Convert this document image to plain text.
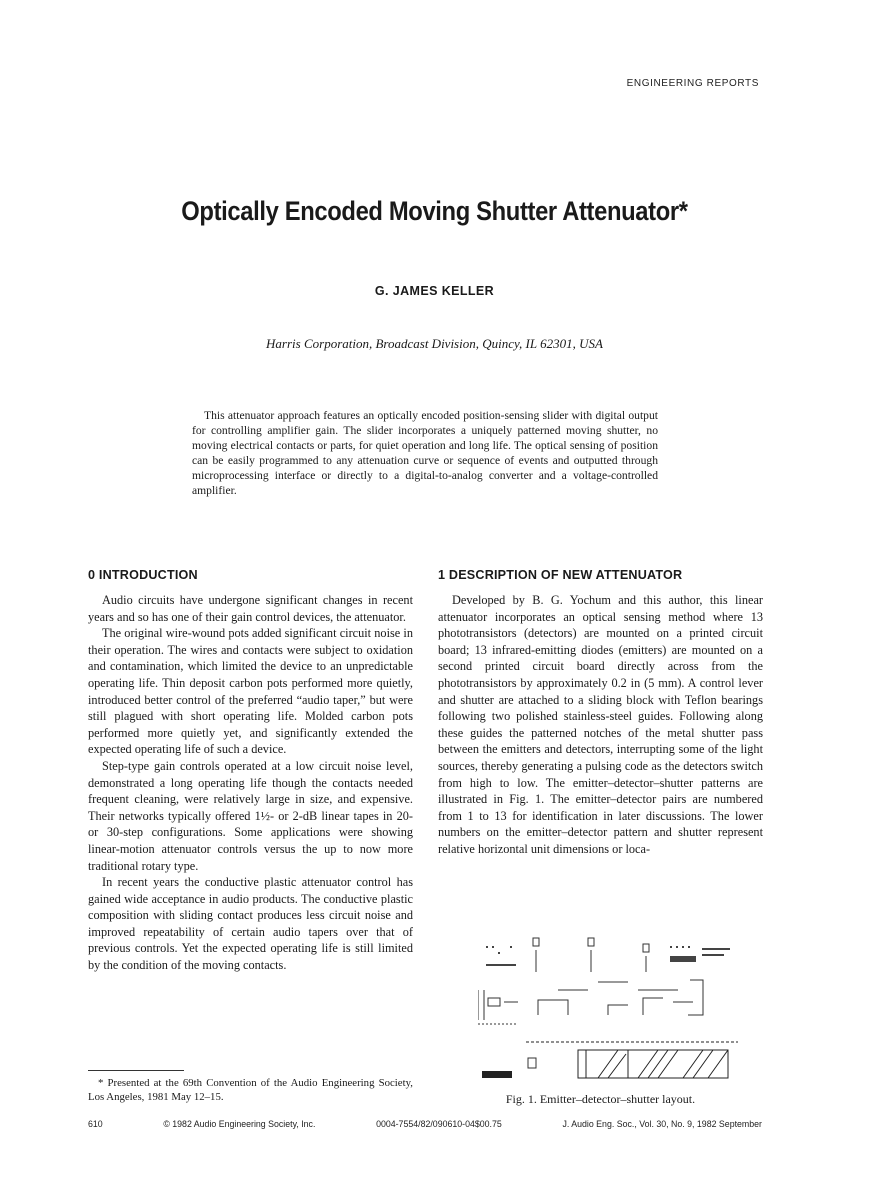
ENGINEERING REPORTS
Optically Encoded Moving Shutter Attenuator*
G. JAMES KELLER
Harris Corporation, Broadcast Division, Quincy, IL 62301, USA

This attenuator approach features an optically encoded position-sensing slider with digital output for controlling amplifier gain. The slider incorporates a uniquely patterned moving shutter, no moving electrical contacts or parts, for quiet operation and long life. The optical sensing of position can be easily programmed to any attenuation curve or sequence of events and outputted through microprocessing interface or directly to a digital-to-analog converter and a voltage-controlled amplifier.

0 INTRODUCTION

Audio circuits have undergone significant changes in recent years and so has one of their gain control devices, the attenuator.

The original wire-wound pots added significant circuit noise in their operation. The wires and contacts were subject to oxidation and contamination, which limited the device to an unpredictable operating life. Thin deposit carbon pots performed more quietly, introduced better control of the preferred “audio taper,” but were still plagued with short operating life. Molded carbon pots performed more quietly yet, and significantly extended the expected operating life of such a device.

Step-type gain controls operated at a low circuit noise level, demonstrated a long operating life though the contacts needed frequent cleaning, were relatively large in size, and expensive. Their networks typically offered 1½- or 2-dB linear tapes in 20- or 30-step configurations. Some applications were showing linear-motion attenuator controls versus the up to now more traditional rotary type.

In recent years the conductive plastic attenuator control has gained wide acceptance in audio products. The conductive plastic composition with sliding contact produces less circuit noise and improved repeatability of certain audio tapers over that of previous controls. Yet the expected operating life is still limited by the condition of the moving contacts.

1 DESCRIPTION OF NEW ATTENUATOR

Developed by B. G. Yochum and this author, this linear attenuator incorporates an optical sensing method where 13 phototransistors (detectors) are mounted on a printed circuit board; 13 infrared-emitting diodes (emitters) are mounted on a second printed circuit board directly across from the phototransistors by approximately 0.2 in (5 mm). A control lever and shutter are attached to a sliding block with Teflon bearings following two polished stainless-steel guides. Following along these guides the patterned notches of the metal shutter pass between the emitters and detectors, interrupting some of the light sources, thereby generating a pulsing code as the detectors switch from high to low. The emitter–detector–shutter patterns are illustrated in Fig. 1. The emitter–detector pairs are numbered from 1 to 13 for identification in later discussions. The lower numbers on the emitter–detector pattern and shutter represent relative horizontal unit dimensions or loca-

* Presented at the 69th Convention of the Audio Engineering Society, Los Angeles, 1981 May 12–15.	Fig. 1. Emitter–detector–shutter layout.
610	© 1982 Audio Engineering Society, Inc.	0004-7554/82/090610-04$00.75	J. Audio Eng. Soc., Vol. 30, No. 9, 1982 September
